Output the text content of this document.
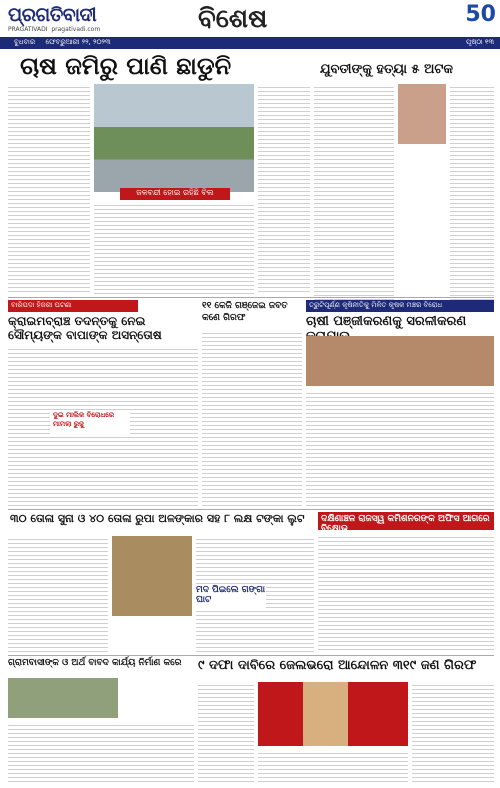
ପ୍ରଗତିବାଦୀ
PRAGATIVADI pragativadi.com	ବିଶେଷ	50
ବୁଧବାର ଫେବ୍ରୁଆରୀ ୨୨, ୨୦୨୩	ପୃଷ୍ଠା ୧୩
ଚାଷ ଜମିରୁ ପାଣି ଛାଡୁନି
ଜଳବନ୍ଦୀ ହୋଇ ରହିଛି ବିଲ
ଯୁବତୀଙ୍କୁ ହତ୍ୟା ୫ ଅଟକ
ବାରିପଦା ହିଜରୀ ଘଟଣା
କ୍ରାଇମବ୍ରାଞ୍ଚ ତଦନ୍ତକୁ ନେଇ ସୌମ୍ୟଙ୍କ ବାପାଙ୍କ ଅସନ୍ତୋଷ
ଦୁଇ ମାଲିକ ବିରୋଧରେ ମାମଲା ରୁଜୁ
୧୧ କେଜି ଗଞ୍ଜେଇ ଜବତ କଣେ ଗିରଫ
ତ୍ରୁଟିପୂର୍ଣ୍ଣ କୃଷିନୀତିକୁ ମିଳିତ କୃଷକ ମଞ୍ଚର ବିରୋଧ
ଚାଷୀ ପଞ୍ଜୀକରଣକୁ ସରଳୀକରଣ
୩୦ ତୋଳା ସୁନା ଓ ୪୦ ତୋଳା ରୁପା ଅଳଙ୍କାର ସହ ୮ ଲକ୍ଷ ଟଙ୍କା ଲୁଟ
ମଦ ପିଇଲେ ଗଙ୍ଗା ଘାଟ
ଦକ୍ଷିଣାଞ୍ଚଳ ରାଜସ୍ୱ କମିଶନରଙ୍କ ଅଫିସ ଆଗରେ ବିକ୍ଷୋଭ
ଗ୍ରାମବାସୀଙ୍କ ଓ ଅର୍ଥ ବାବଦ କାର୍ଯ୍ୟ ନିର୍ମାଣ କରେ	୯ ଦଫା ଦାବିରେ ଜେଲଭରୋ ଆନ୍ଦୋଳନ ୩୧୯ ଜଣ ଗିରଫ
